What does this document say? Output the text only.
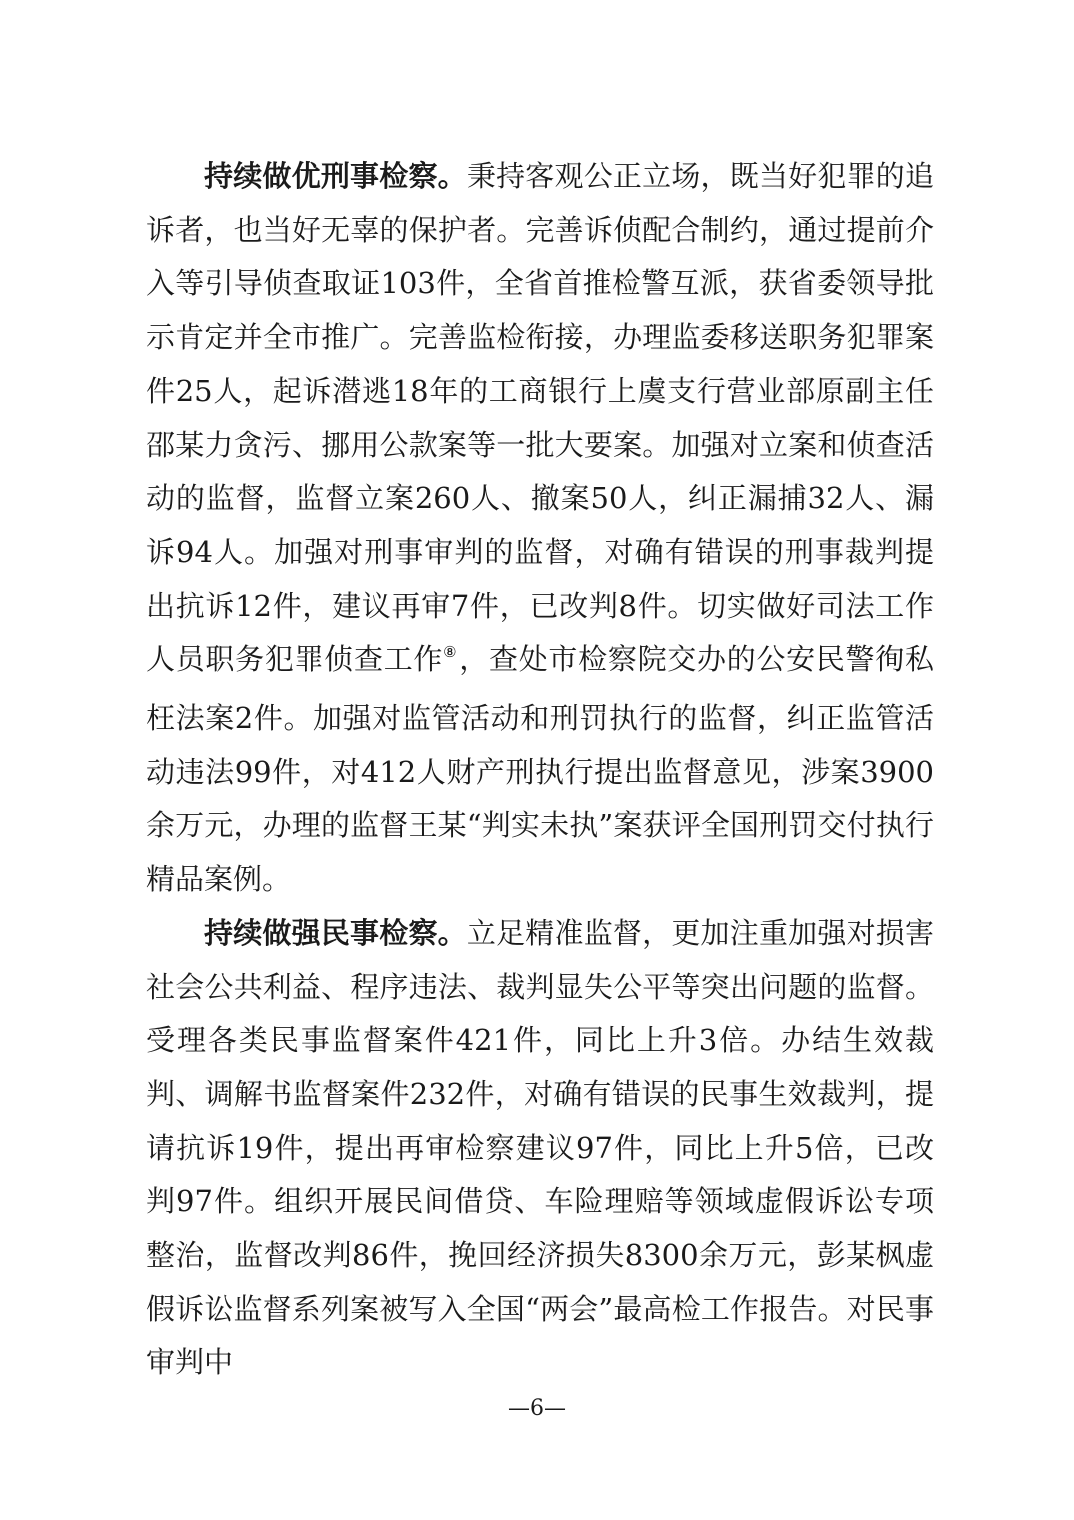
持续做优刑事检察。秉持客观公正立场，既当好犯罪的追诉者，也当好无辜的保护者。完善诉侦配合制约，通过提前介入等引导侦查取证103件，全省首推检警互派，获省委领导批示肯定并全市推广。完善监检衔接，办理监委移送职务犯罪案件25人，起诉潜逃18年的工商银行上虞支行营业部原副主任邵某力贪污、挪用公款案等一批大要案。加强对立案和侦查活动的监督，监督立案260人、撤案50人，纠正漏捕32人、漏诉94人。加强对刑事审判的监督，对确有错误的刑事裁判提出抗诉12件，建议再审7件，已改判8件。切实做好司法工作人员职务犯罪侦查工作⑧，查处市检察院交办的公安民警徇私枉法案2件。加强对监管活动和刑罚执行的监督，纠正监管活动违法99件，对412人财产刑执行提出监督意见，涉案3900余万元，办理的监督王某“判实未执”案获评全国刑罚交付执行精品案例。

持续做强民事检察。立足精准监督，更加注重加强对损害社会公共利益、程序违法、裁判显失公平等突出问题的监督。受理各类民事监督案件421件，同比上升3倍。办结生效裁判、调解书监督案件232件，对确有错误的民事生效裁判，提请抗诉19件，提出再审检察建议97件，同比上升5倍，已改判97件。组织开展民间借贷、车险理赔等领域虚假诉讼专项整治，监督改判86件，挽回经济损失8300余万元，彭某枫虚假诉讼监督系列案被写入全国“两会”最高检工作报告。对民事审判中

—6—
